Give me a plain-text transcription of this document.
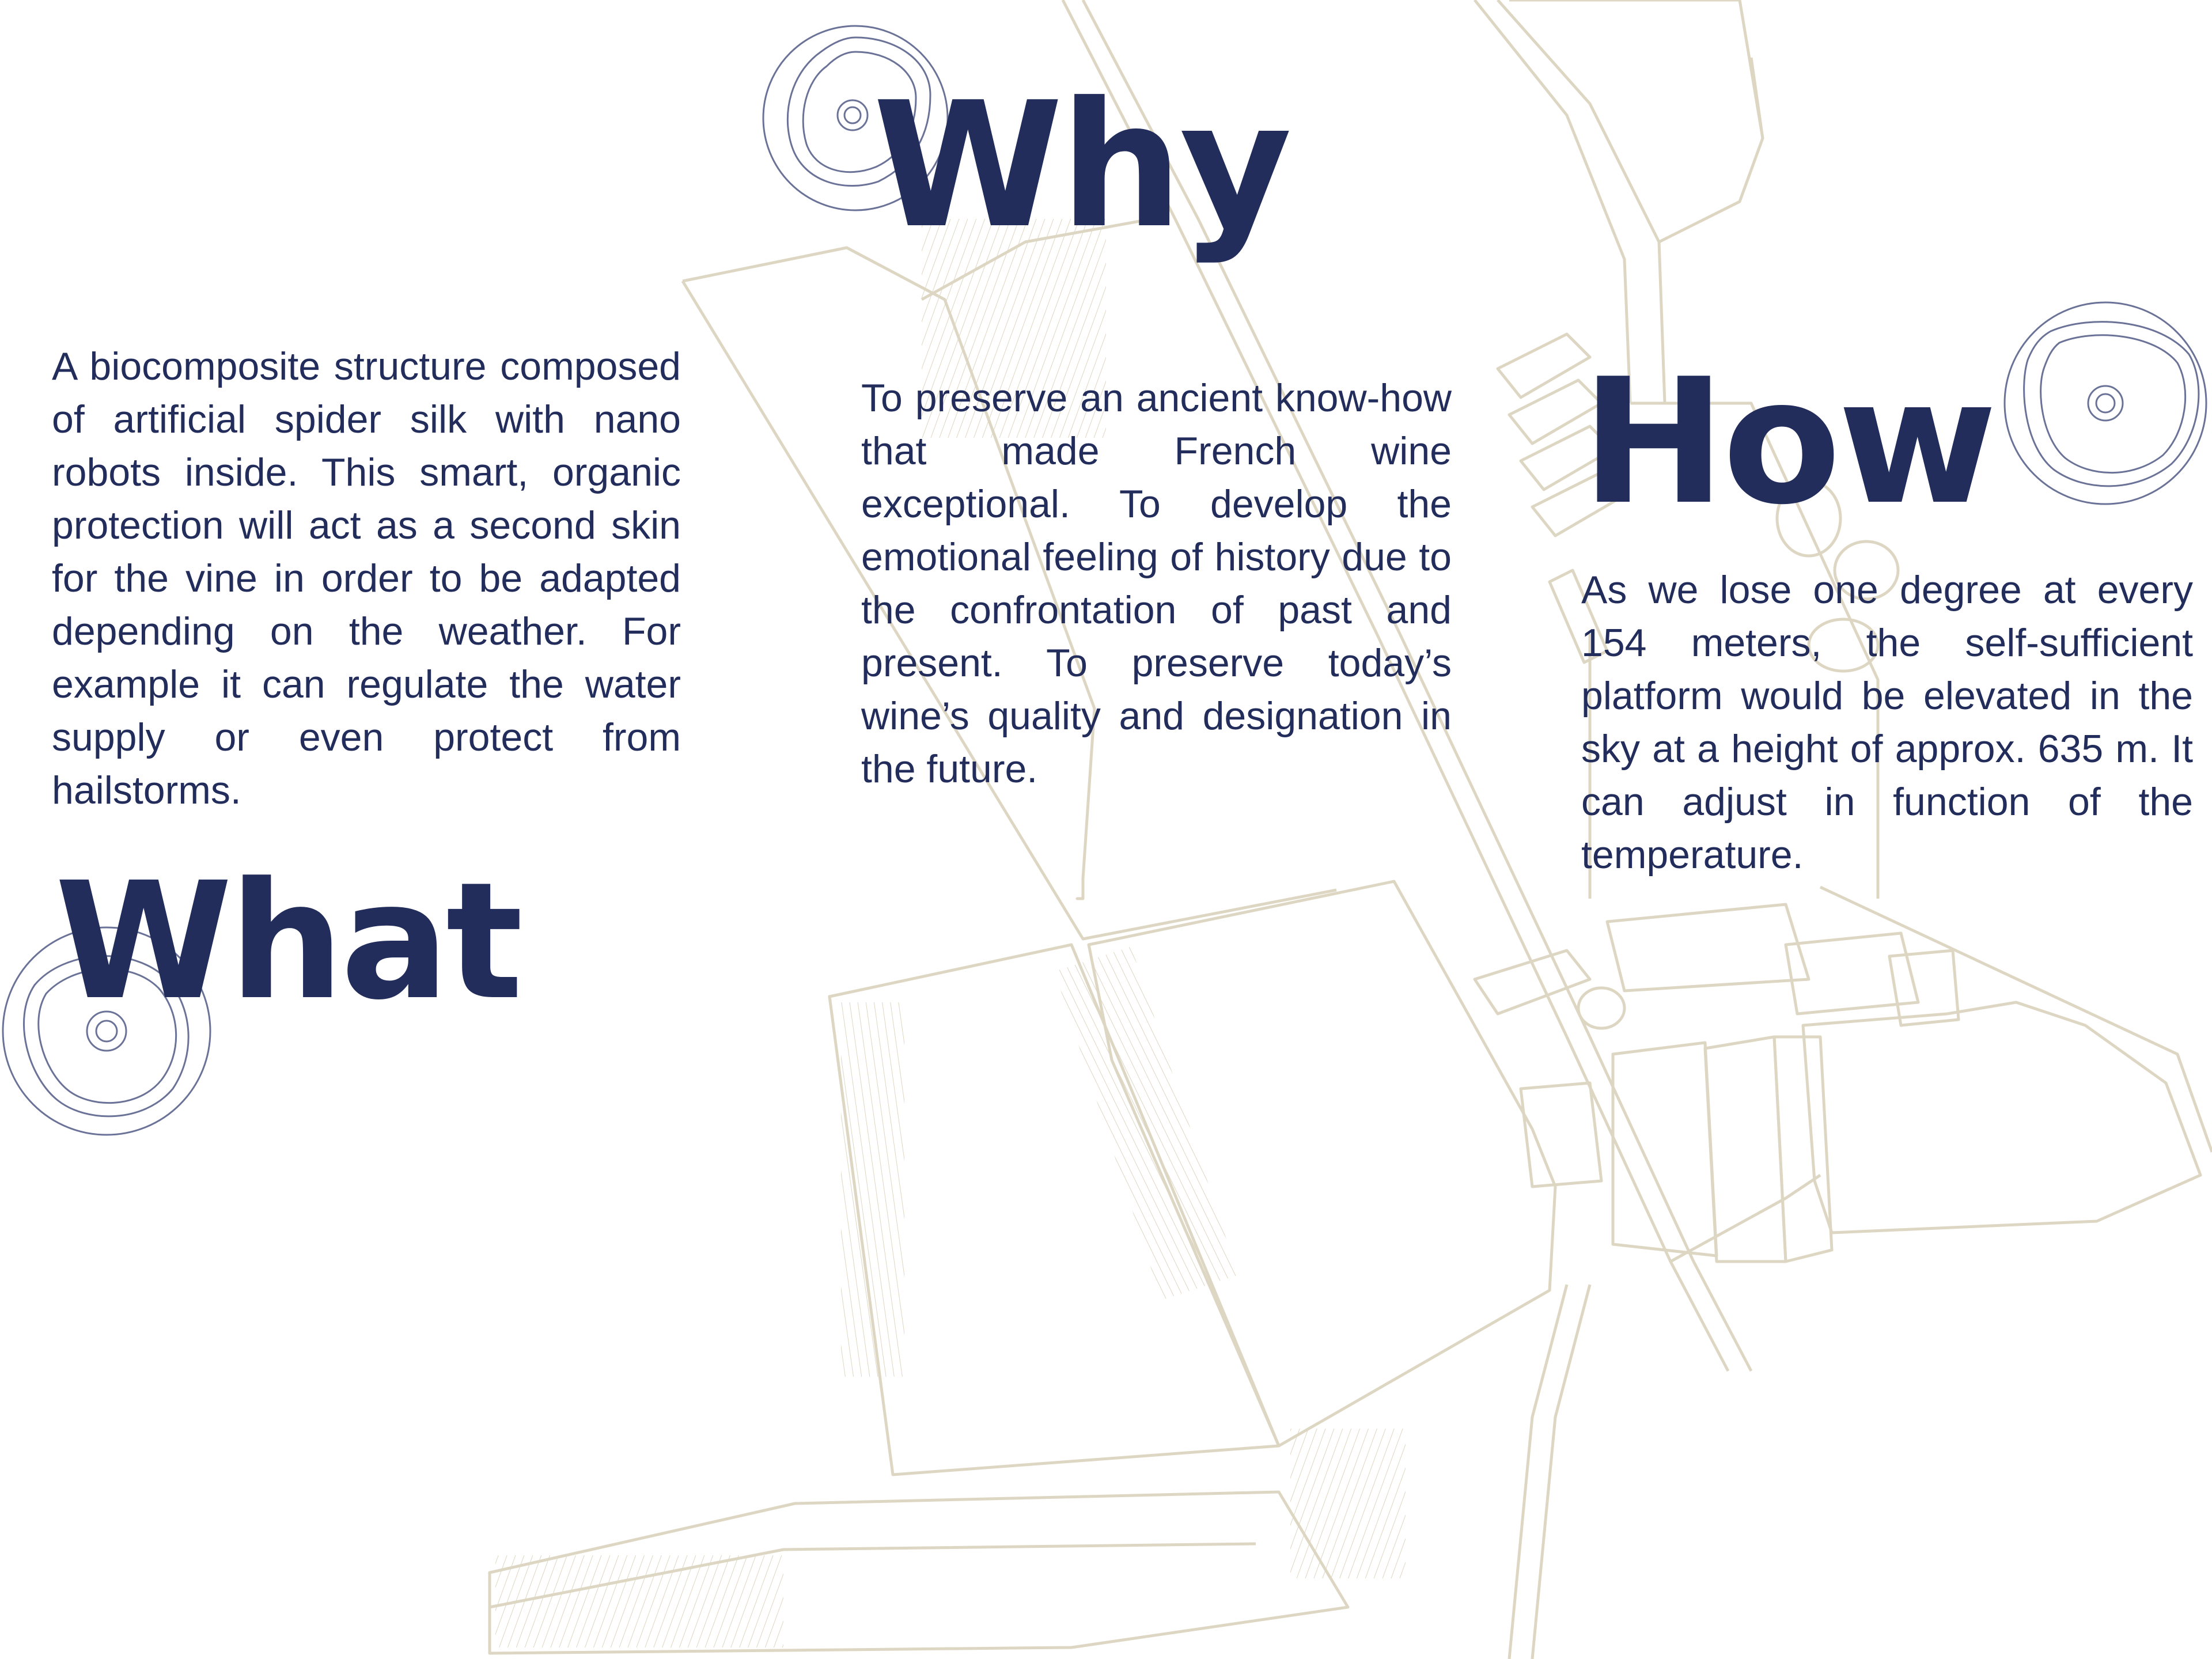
Why
How
What

A biocomposite structure composed of artificial spider silk with nano robots inside. This smart, organic protection will act as a second skin for the vine in order to be adapted depending on the weather. For example it can regulate the water supply or even protect from hailstorms.

To preserve an ancient know-how that made French wine exceptional. To develop the emotional feeling of history due to the confrontation of past and present. To preserve today’s wine’s quality and designation in the future.

As we lose one degree at every 154 meters, the self-sufficient platform would be elevated in the sky at a height of approx. 635 m. It can adjust in function of the temperature.
